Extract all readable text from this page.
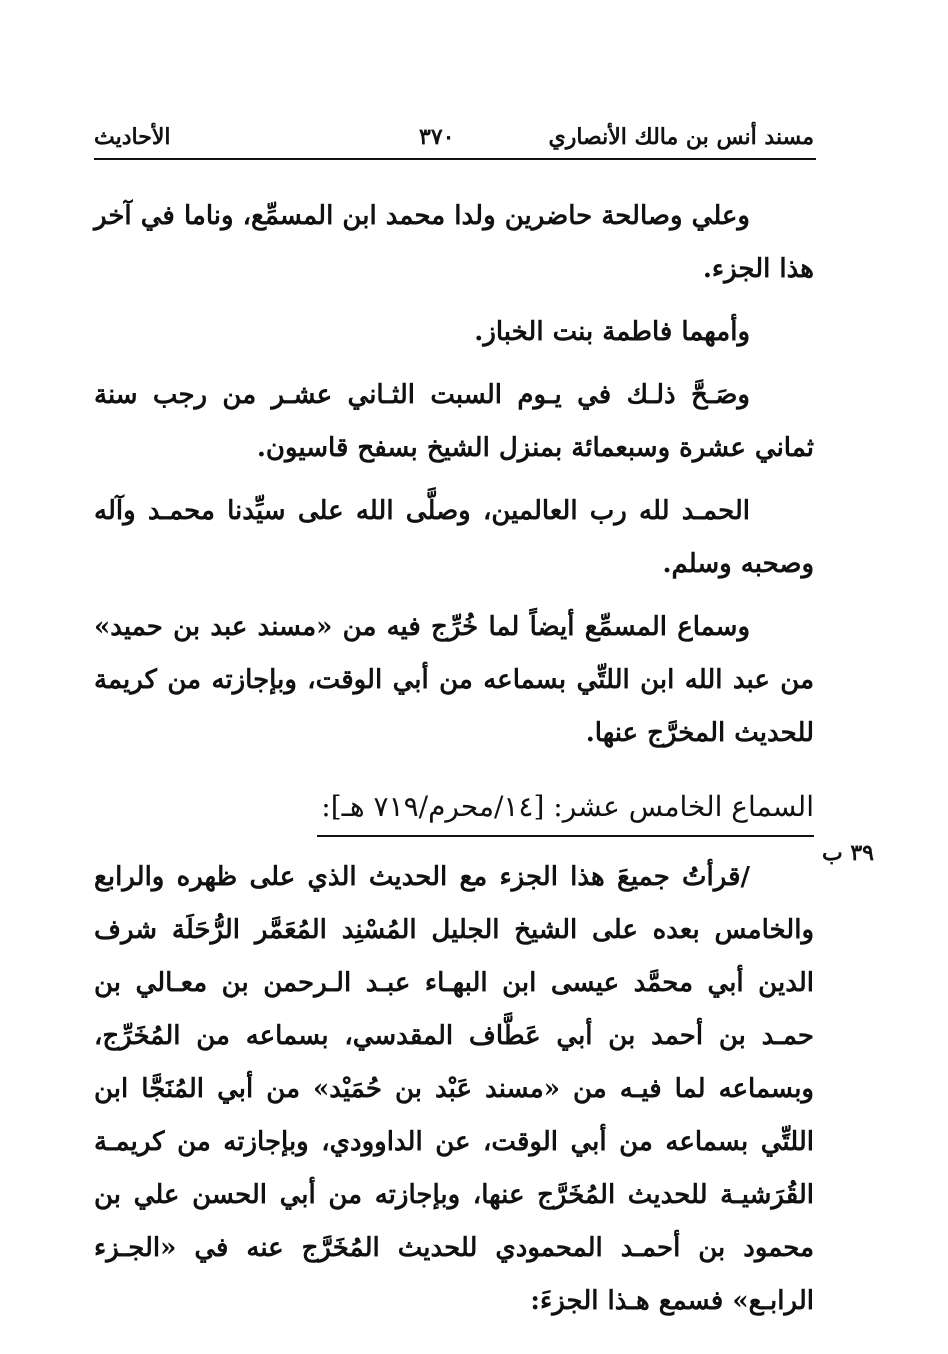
مسند أنس بن مالك الأنصاري
٣٧٠
الأحاديث
٣٩ ب

وعلي وصالحة حاضرين ولدا محمد ابن المسمِّع، وناما في آخر هذا الجزء.

وأمهما فاطمة بنت الخباز.

وصَـحَّ ذلـك في يـوم السبت الثـاني عشـر من رجب سنة ثماني عشرة وسبعمائة بمنزل الشيخ بسفح قاسيون.

الحمـد لله رب العالمين، وصلَّى الله على سيِّدنا محمـد وآله وصحبه وسلم.

وسماع المسمِّع أيضاً لما خُرِّج فيه من «مسند عبد بن حميد» من عبد الله ابن اللتِّي بسماعه من أبي الوقت، وبإجازته من كريمة للحديث المخرَّج عنها.

السماع الخامس عشر: [١٤/محرم/٧١٩ هـ]:

/قرأتُ جميعَ هذا الجزء مع الحديث الذي على ظهره والرابع والخامس بعده على الشيخ الجليل المُسْنِد المُعَمَّر الرُّحَلَة شرف الدين أبي محمَّد عيسى ابن البهـاء عبـد الـرحمن بن معـالي بن حمـد بن أحمد بن أبي عَطَّاف المقدسي، بسماعه من المُخَرِّج، وبسماعه لما فيـه من «مسند عَبْد بن حُمَيْد» من أبي المُنَجَّا ابن اللتِّي بسماعه من أبي الوقت، عن الداوودي، وبإجازته من كريمـة القُرَشيـة للحديث المُخَرَّج عنها، وبإجازته من أبي الحسن علي بن محمود بن أحمـد المحمودي للحديث المُخَرَّج عنه في «الجـزء الرابـع» فسمع هـذا الجزءَ:
